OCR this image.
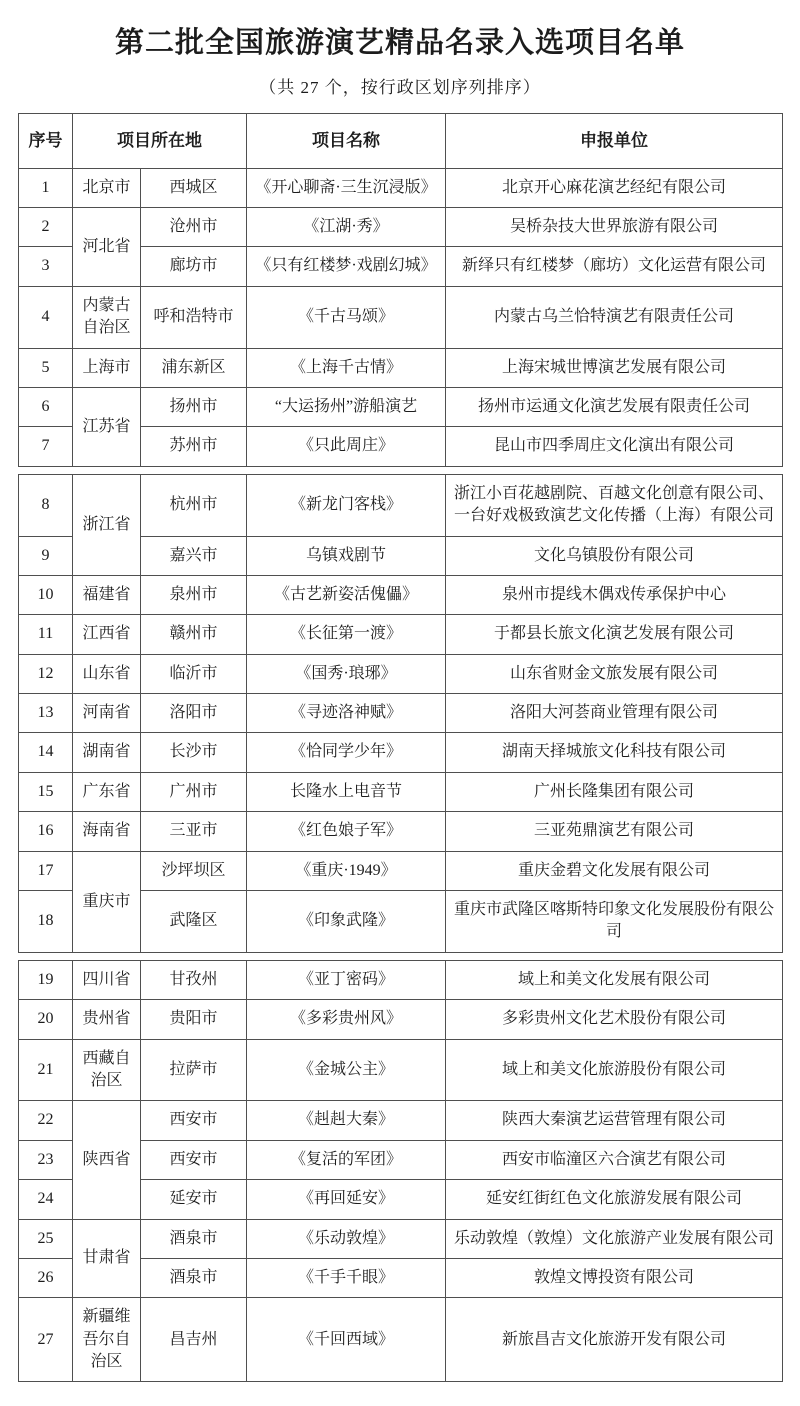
第二批全国旅游演艺精品名录入选项目名单

（共 27 个，按行政区划序列排序）

序号	项目所在地		项目名称	申报单位
1	北京市	西城区	《开心聊斋·三生沉浸版》	北京开心麻花演艺经纪有限公司
2	河北省	沧州市	《江湖·秀》	吴桥杂技大世界旅游有限公司
3		廊坊市	《只有红楼梦·戏剧幻城》	新绎只有红楼梦（廊坊）文化运营有限公司
4	内蒙古自治区	呼和浩特市	《千古马颂》	内蒙古乌兰恰特演艺有限责任公司
5	上海市	浦东新区	《上海千古情》	上海宋城世博演艺发展有限公司
6	江苏省	扬州市	“大运扬州”游船演艺	扬州市运通文化演艺发展有限责任公司
7		苏州市	《只此周庄》	昆山市四季周庄文化演出有限公司
8	浙江省	杭州市	《新龙门客栈》	浙江小百花越剧院、百越文化创意有限公司、一台好戏极致演艺文化传播（上海）有限公司
9		嘉兴市	乌镇戏剧节	文化乌镇股份有限公司
10	福建省	泉州市	《古艺新姿活傀儡》	泉州市提线木偶戏传承保护中心
11	江西省	赣州市	《长征第一渡》	于都县长旅文化演艺发展有限公司
12	山东省	临沂市	《国秀·琅琊》	山东省财金文旅发展有限公司
13	河南省	洛阳市	《寻迹洛神赋》	洛阳大河荟商业管理有限公司
14	湖南省	长沙市	《恰同学少年》	湖南天择城旅文化科技有限公司
15	广东省	广州市	长隆水上电音节	广州长隆集团有限公司
16	海南省	三亚市	《红色娘子军》	三亚苑鼎演艺有限公司
17	重庆市	沙坪坝区	《重庆·1949》	重庆金碧文化发展有限公司
18		武隆区	《印象武隆》	重庆市武隆区喀斯特印象文化发展股份有限公司
19	四川省	甘孜州	《亚丁密码》	域上和美文化发展有限公司
20	贵州省	贵阳市	《多彩贵州风》	多彩贵州文化艺术股份有限公司
21	西藏自治区	拉萨市	《金城公主》	域上和美文化旅游股份有限公司
22	陕西省	西安市	《赳赳大秦》	陕西大秦演艺运营管理有限公司
23		西安市	《复活的军团》	西安市临潼区六合演艺有限公司
24		延安市	《再回延安》	延安红街红色文化旅游发展有限公司
25	甘肃省	酒泉市	《乐动敦煌》	乐动敦煌（敦煌）文化旅游产业发展有限公司
26		酒泉市	《千手千眼》	敦煌文博投资有限公司
27	新疆维吾尔自治区	昌吉州	《千回西域》	新旅昌吉文化旅游开发有限公司
